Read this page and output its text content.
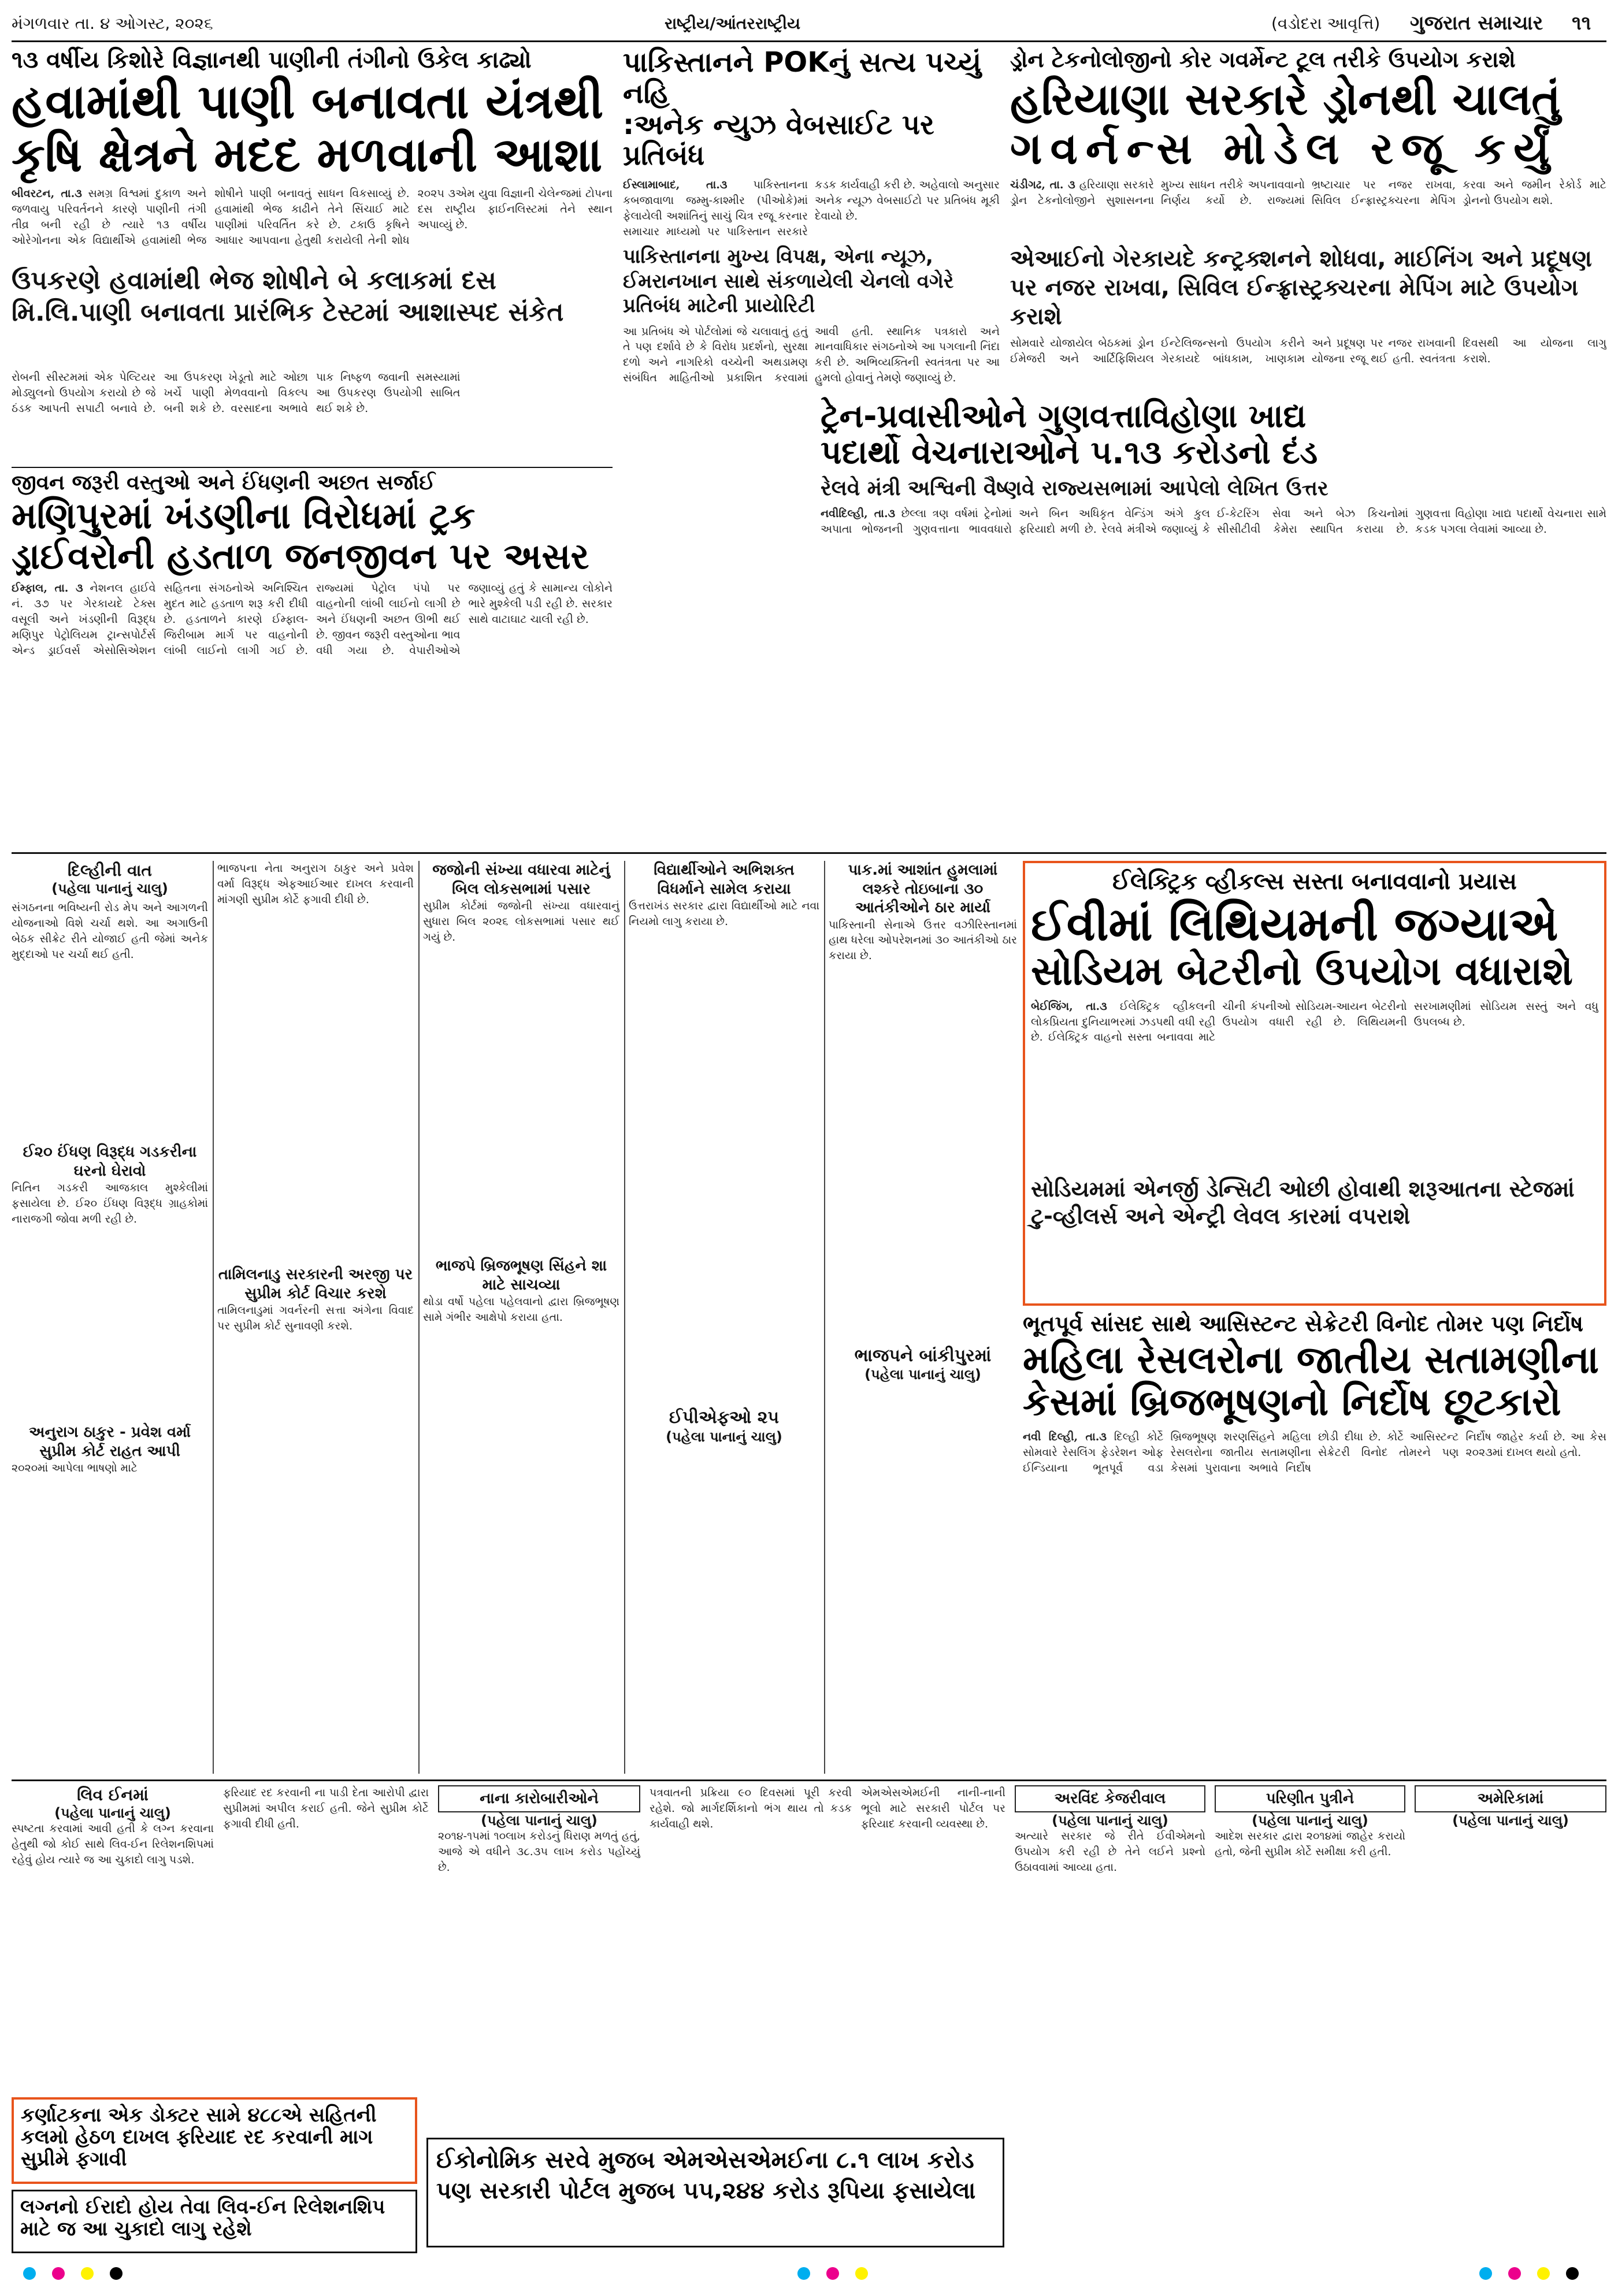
મંગળવાર તા. ૪ ઓગસ્ટ, ૨૦૨૬	રાષ્ટ્રીય/આંતરરાષ્ટ્રીય	(વડોદરા આવૃત્તિ) ગુજરાત સમાચાર ૧૧
૧૩ વર્ષીય કિશોરે વિજ્ઞાનથી પાણીની તંગીનો ઉકેલ કાઢ્યો
હવામાંથી પાણી બનાવતા યંત્રથી
કૃષિ ક્ષેત્રને મદદ મળવાની આશા
બીવરટન, તા.૩ સમગ્ર વિશ્વમાં દુકાળ અને જળવાયુ પરિવર્તનને કારણે પાણીની તંગી તીવ્ર બની રહી છે ત્યારે ૧૩ વર્ષીય ઓરેગોનના એક વિદ્યાર્થીએ હવામાંથી ભેજ શોષીને પાણી બનાવતું સાધન વિકસાવ્યું છે. હવામાંથી ભેજ કાઢીને તેને સિંચાઈ માટે પાણીમાં પરિવર્તિત કરે છે. ટકાઉ કૃષિને આધાર આપવાના હેતુથી કરાયેલી તેની શોધ ૨૦૨૫ ૩એમ યુવા વિજ્ઞાની ચેલેન્જમાં ટોપના દસ રાષ્ટ્રીય ફાઈનલિસ્ટમાં તેને સ્થાન અપાવ્યું છે.
ઉપકરણે હવામાંથી ભેજ શોષીને બે કલાકમાં દસ
મિ.લિ.પાણી બનાવતા પ્રારંભિક ટેસ્ટમાં આશાસ્પદ સંકેત
રોબની સીસ્ટમમાં એક પેલ્ટિયર મોડ્યુલનો ઉપયોગ કરાયો છે જે ઠંડક આપતી સપાટી બનાવે છે. આ ઉપકરણ ખેડૂતો માટે ઓછા ખર્ચે પાણી મેળવવાનો વિકલ્પ બની શકે છે. વરસાદના અભાવે પાક નિષ્ફળ જવાની સમસ્યામાં આ ઉપકરણ ઉપયોગી સાબિત થઈ શકે છે.
જીવન જરૂરી વસ્તુઓ અને ઈંધણની અછત સર્જાઈ
મણિપુરમાં ખંડણીના વિરોધમાં ટ્રક
ડ્રાઈવરોની હડતાળ જનજીવન પર અસર
ઈમ્ફાલ, તા. ૩ નેશનલ હાઈવે નં. ૩૭ પર ગેરકાયદે ટેક્સ વસૂલી અને ખંડણીની વિરૂદ્ધ મણિપુર પેટ્રોલિયમ ટ્રાન્સપોર્ટર્સ એન્ડ ડ્રાઈવર્સ એસોસિએશન સહિતના સંગઠનોએ અનિશ્ચિત મુદત માટે હડતાળ શરૂ કરી દીધી છે. હડતાળને કારણે ઈમ્ફાલ-જિરીબામ માર્ગ પર વાહનોની લાંબી લાઈનો લાગી ગઈ છે. રાજ્યમાં પેટ્રોલ પંપો પર વાહનોની લાંબી લાઈનો લાગી છે અને ઈંધણની અછત ઊભી થઈ છે. જીવન જરૂરી વસ્તુઓના ભાવ વધી ગયા છે. વેપારીઓએ જણાવ્યું હતું કે સામાન્ય લોકોને ભારે મુશ્કેલી પડી રહી છે. સરકાર સાથે વાટાઘાટ ચાલી રહી છે.
પાકિસ્તાનને POKનું સત્ય પચ્યું નહિ
:અનેક ન્યુઝ વેબસાઈટ પર પ્રતિબંધ
ઈસ્લામાબાદ, તા.૩ પાકિસ્તાનના કબજાવાળા જમ્મુ-કાશ્મીર (પીઓકે)માં ફેલાયેલી અશાંતિનું સાચું ચિત્ર રજૂ કરનાર સમાચાર માધ્યમો પર પાકિસ્તાન સરકારે કડક કાર્યવાહી કરી છે. અહેવાલો અનુસાર અનેક ન્યૂઝ વેબસાઈટો પર પ્રતિબંધ મૂકી દેવાયો છે.
પાકિસ્તાનના મુખ્ય વિપક્ષ, એના ન્યૂઝ, ઈમરાનખાન સાથે સંકળાયેલી ચેનલો વગેરે પ્રતિબંધ માટેની પ્રાયોરિટી
આ પ્રતિબંધ એ પોર્ટલોમાં જે ચલાવાતું હતું તે પણ દર્શાવે છે કે વિરોધ પ્રદર્શનો, સુરક્ષા દળો અને નાગરિકો વચ્ચેની અથડામણ સંબંધિત માહિતીઓ પ્રકાશિત કરવામાં આવી હતી. સ્થાનિક પત્રકારો અને માનવાધિકાર સંગઠનોએ આ પગલાની નિંદા કરી છે. અભિવ્યક્તિની સ્વતંત્રતા પર આ હુમલો હોવાનું તેમણે જણાવ્યું છે.
ડ્રોન ટેકનોલોજીનો કોર ગવર્મેન્ટ ટૂલ તરીકે ઉપયોગ કરાશે
હરિયાણા સરકારે ડ્રોનથી ચાલતું
ગવર્નન્સ મોડેલ રજૂ કર્યું
ચંડીગઢ, તા. ૩ હરિયાણા સરકારે ડ્રોન ટેકનોલોજીને સુશાસનના મુખ્ય સાધન તરીકે અપનાવવાનો નિર્ણય કર્યો છે. રાજ્યમાં ભ્રષ્ટાચાર પર નજર રાખવા, સિવિલ ઈન્ફ્રાસ્ટ્રક્ચરના મેપિંગ કરવા અને જમીન રેકોર્ડ માટે ડ્રોનનો ઉપયોગ થશે.
એઆઈનો ગેરકાયદે કન્ટ્રક્શનને શોધવા, માઈનિંગ અને પ્રદૂષણ પર નજર રાખવા, સિવિલ ઈન્ફ્રાસ્ટ્રક્ચરના મેપિંગ માટે ઉપયોગ કરાશે
સોમવારે યોજાયેલ બેઠકમાં ડ્રોન ઈમેજરી અને આર્ટિફિશિયલ ઈન્ટેલિજન્સનો ઉપયોગ કરીને ગેરકાયદે બાંધકામ, ખાણકામ અને પ્રદૂષણ પર નજર રાખવાની યોજના રજૂ થઈ હતી. સ્વતંત્રતા દિવસથી આ યોજના લાગુ કરાશે.
ટ્રેન-પ્રવાસીઓને ગુણવત્તાવિહોણા ખાદ્ય
પદાર્થો વેચનારાઓને ૫.૧૩ કરોડનો દંડ
રેલવે મંત્રી અશ્વિની વૈષ્ણવે રાજ્યસભામાં આપેલો લેખિત ઉત્તર
નવીદિલ્હી, તા.૩ છેલ્લા ત્રણ વર્ષમાં ટ્રેનોમાં અપાતા ભોજનની ગુણવત્તાના ભાવવધારો અને બિન અધિકૃત વેન્ડિંગ અંગે કુલ ફરિયાદો મળી છે. રેલવે મંત્રીએ જણાવ્યું કે ઈ-કેટરિંગ સેવા અને બેઝ કિચનોમાં સીસીટીવી કેમેરા સ્થાપિત કરાયા છે. ગુણવત્તા વિહોણા ખાદ્ય પદાર્થો વેચનારા સામે કડક પગલા લેવામાં આવ્યા છે.
દિલ્હીની વાત
(પહેલા પાનાનું ચાલુ)
સંગઠનના ભવિષ્યની રોડ મેપ અને આગળની યોજનાઓ વિશે ચર્ચા થશે. આ અગાઉની બેઠક સીક્રેટ રીતે યોજાઈ હતી જેમાં અનેક મુદ્દાઓ પર ચર્ચા થઈ હતી.
ઈ૨૦ ઈંધણ વિરૂદ્ધ ગડકરીના ઘરનો ઘેરાવો
નિતિન ગડકરી આજકાલ મુશ્કેલીમાં ફસાયેલા છે. ઈ૨૦ ઈંધણ વિરૂદ્ધ ગ્રાહકોમાં નારાજગી જોવા મળી રહી છે.
અનુરાગ ઠાકુર - પ્રવેશ વર્મા સુપ્રીમ કોર્ટ રાહત આપી
૨૦૨૦માં આપેલા ભાષણો માટે
ભાજપના નેતા અનુરાગ ઠાકુર અને પ્રવેશ વર્મા વિરૂદ્ધ એફઆઈઆર દાખલ કરવાની માંગણી સુપ્રીમ કોર્ટે ફગાવી દીધી છે.
તામિલનાડુ સરકારની અરજી પર સુપ્રીમ કોર્ટ વિચાર કરશે
તામિલનાડુમાં ગવર્નરની સત્તા અંગેના વિવાદ પર સુપ્રીમ કોર્ટ સુનાવણી કરશે.
જજોની સંખ્યા વધારવા માટેનું બિલ લોકસભામાં પસાર
સુપ્રીમ કોર્ટમાં જજોની સંખ્યા વધારવાનું સુધારા બિલ ૨૦૨૬ લોકસભામાં પસાર થઈ ગયું છે.
ભાજપે બ્રિજભૂષણ સિંહને શા માટે સાચવ્યા
થોડા વર્ષો પહેલા પહેલવાનો દ્વારા બ્રિજભૂષણ સામે ગંભીર આક્ષેપો કરાયા હતા.
વિદ્યાર્થીઓને અભિશક્ત વિધર્માને સામેલ કરાયા
ઉત્તરાખંડ સરકાર દ્વારા વિદ્યાર્થીઓ માટે નવા નિયમો લાગુ કરાયા છે.
ઈપીએફઓ ૨૫
(પહેલા પાનાનું ચાલુ)
પાક.માં આશાંત હુમલામાં લશ્કરે તોઇબાના ૩૦ આતંકીઓને ઠાર માર્યા
પાકિસ્તાની સેનાએ ઉત્તર વઝીરિસ્તાનમાં હાથ ધરેલા ઓપરેશનમાં ૩૦ આતંકીઓ ઠાર કરાયા છે.
ભાજપને બાંકીપુરમાં
(પહેલા પાનાનું ચાલુ)
ઈલેક્ટ્રિક વ્હીકલ્સ સસ્તા બનાવવાનો પ્રયાસ
ઈવીમાં લિથિયમની જગ્યાએ
સોડિયમ બેટરીનો ઉપયોગ વધારાશે
બેઈજિંગ, તા.૩ ઈલેક્ટ્રિક વ્હીકલની લોકપ્રિયતા દુનિયાભરમાં ઝડપથી વધી રહી છે. ઈલેક્ટ્રિક વાહનો સસ્તા બનાવવા માટે ચીની કંપનીઓ સોડિયમ-આયન બેટરીનો ઉપયોગ વધારી રહી છે. લિથિયમની સરખામણીમાં સોડિયમ સસ્તું અને વધુ ઉપલબ્ધ છે.
સોડિયમમાં એનર્જી ડેન્સિટી ઓછી હોવાથી શરૂઆતના સ્ટેજમાં ટુ-વ્હીલર્સ અને એન્ટ્રી લેવલ કારમાં વપરાશે
ભૂતપૂર્વ સાંસદ સાથે આસિસ્ટન્ટ સેક્રેટરી વિનોદ તોમર પણ નિર્દોષ
મહિલા રેસલરોના જાતીય સતામણીના
કેસમાં બ્રિજભૂષણનો નિર્દોષ છૂટકારો
નવી દિલ્હી, તા.૩ દિલ્હી કોર્ટે સોમવારે રેસલિંગ ફેડરેશન ઓફ ઈન્ડિયાના ભૂતપૂર્વ વડા બ્રિજભૂષણ શરણસિંહને મહિલા રેસલરોના જાતીય સતામણીના કેસમાં પુરાવાના અભાવે નિર્દોષ છોડી દીધા છે. કોર્ટે આસિસ્ટન્ટ સેક્રેટરી વિનોદ તોમરને પણ નિર્દોષ જાહેર કર્યા છે. આ કેસ ૨૦૨૩માં દાખલ થયો હતો.
લિવ ઈનમાં
(પહેલા પાનાનું ચાલુ)
સ્પષ્ટતા કરવામાં આવી હતી કે લગ્ન કરવાના હેતુથી જો કોઈ સાથે લિવ-ઈન રિલેશનશિપમાં રહેવું હોય ત્યારે જ આ ચુકાદો લાગુ પડશે.
ફરિયાદ રદ કરવાની ના પાડી દેતા આરોપી દ્વારા સુપ્રીમમાં અપીલ કરાઈ હતી. જેને સુપ્રીમ કોર્ટે ફગાવી દીધી હતી.
નાના કારોબારીઓને
(પહેલા પાનાનું ચાલુ)
૨૦૧૪-૧૫માં ૧૦લાખ કરોડનું ધિરાણ મળતું હતું, આજે એ વધીને ૩૮.૩૫ લાખ કરોડ પહોંચ્યું છે.
પત્રવાતની પ્રક્રિયા ૯૦ દિવસમાં પૂરી કરવી રહેશે. જો માર્ગદર્શિકાનો ભંગ થાય તો કડક કાર્યવાહી થશે.
એમએસએમઈની નાની-નાની ભૂલો માટે સરકારી પોર્ટલ પર ફરિયાદ કરવાની વ્યવસ્થા છે.
અરવિંદ કેજરીવાલ
(પહેલા પાનાનું ચાલુ)
અત્યારે સરકાર જે રીતે ઈવીએમનો ઉપયોગ કરી રહી છે તેને લઈને પ્રશ્નો ઉઠાવવામાં આવ્યા હતા.
પરિણીત પુત્રીને
(પહેલા પાનાનું ચાલુ)
આદેશ સરકાર દ્વારા ૨૦૧૪માં જાહેર કરાયો હતો, જેની સુપ્રીમ કોર્ટે સમીક્ષા કરી હતી.
અમેરિકામાં
(પહેલા પાનાનું ચાલુ)
કર્ણાટકના એક ડોક્ટર સામે ૪૮૮એ સહિતની કલમો હેઠળ દાખલ ફરિયાદ રદ કરવાની માગ સુપ્રીમે ફગાવી
લગ્નનો ઈરાદો હોય તેવા લિવ-ઈન રિલેશનશિપ માટે જ આ ચુકાદો લાગુ રહેશે
ઈકોનોમિક સરવે મુજબ એમએસએમઈના ૮.૧ લાખ કરોડ
પણ સરકારી પોર્ટલ મુજબ ૫૫,૨૪૪ કરોડ રૂપિયા ફસાયેલા
